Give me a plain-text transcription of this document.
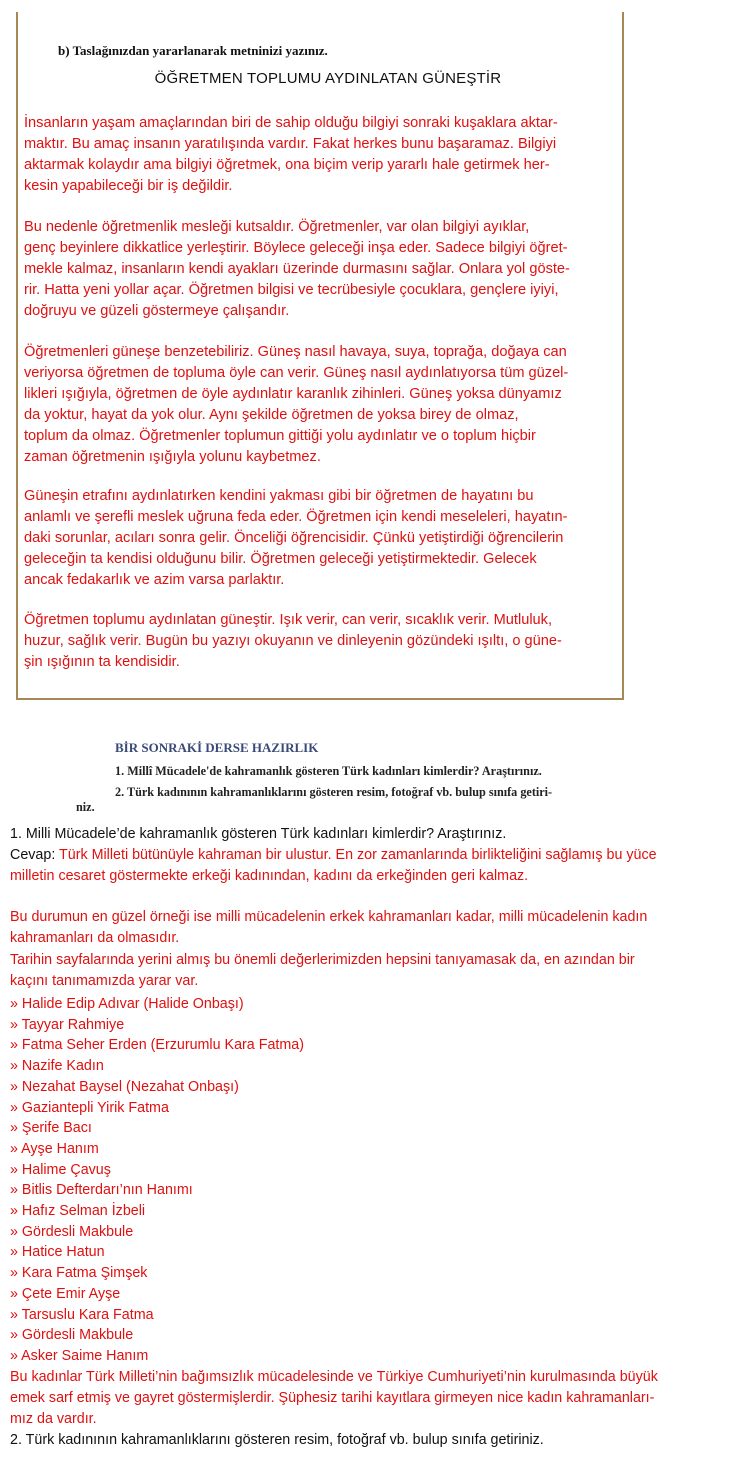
b) Taslağınızdan yararlanarak metninizi yazınız.
ÖĞRETMEN TOPLUMU AYDINLATAN GÜNEŞTİR

İnsanların yaşam amaçlarından biri de sahip olduğu bilgiyi sonraki kuşaklara aktar-
maktır. Bu amaç insanın yaratılışında vardır. Fakat herkes bunu başaramaz. Bilgiyi
aktarmak kolaydır ama bilgiyi öğretmek, ona biçim verip yararlı hale getirmek her-
kesin yapabileceği bir iş değildir.

Bu nedenle öğretmenlik mesleği kutsaldır. Öğretmenler, var olan bilgiyi ayıklar,
genç beyinlere dikkatlice yerleştirir. Böylece geleceği inşa eder. Sadece bilgiyi öğret-
mekle kalmaz, insanların kendi ayakları üzerinde durmasını sağlar. Onlara yol göste-
rir. Hatta yeni yollar açar. Öğretmen bilgisi ve tecrübesiyle çocuklara, gençlere iyiyi,
doğruyu ve güzeli göstermeye çalışandır.

Öğretmenleri güneşe benzetebiliriz. Güneş nasıl havaya, suya, toprağa, doğaya can
veriyorsa öğretmen de topluma öyle can verir. Güneş nasıl aydınlatıyorsa tüm güzel-
likleri ışığıyla, öğretmen de öyle aydınlatır karanlık zihinleri. Güneş yoksa dünyamız
da yoktur, hayat da yok olur. Aynı şekilde öğretmen de yoksa birey de olmaz,
toplum da olmaz. Öğretmenler toplumun gittiği yolu aydınlatır ve o toplum hiçbir
zaman öğretmenin ışığıyla yolunu kaybetmez.

Güneşin etrafını aydınlatırken kendini yakması gibi bir öğretmen de hayatını bu
anlamlı ve şerefli meslek uğruna feda eder. Öğretmen için kendi meseleleri, hayatın-
daki sorunlar, acıları sonra gelir. Önceliği öğrencisidir. Çünkü yetiştirdiği öğrencilerin
geleceğin ta kendisi olduğunu bilir. Öğretmen geleceği yetiştirmektedir. Gelecek
ancak fedakarlık ve azim varsa parlaktır.

Öğretmen toplumu aydınlatan güneştir. Işık verir, can verir, sıcaklık verir. Mutluluk,
huzur, sağlık verir. Bugün bu yazıyı okuyanın ve dinleyenin gözündeki ışıltı, o güne-
şin ışığının ta kendisidir.

BİR SONRAKİ DERSE HAZIRLIK
1. Millî Mücadele'de kahramanlık gösteren Türk kadınları kimlerdir? Araştırınız.
2. Türk kadınının kahramanlıklarını gösteren resim, fotoğraf vb. bulup sınıfa getiri-
niz.
1. Milli Mücadele’de kahramanlık gösteren Türk kadınları kimlerdir? Araştırınız.
Cevap: Türk Milleti bütünüyle kahraman bir ulustur. En zor zamanlarında birlikteliğini sağlamış bu yüce
milletin cesaret göstermekte erkeği kadınından, kadını da erkeğinden geri kalmaz.
Bu durumun en güzel örneği ise milli mücadelenin erkek kahramanları kadar, milli mücadelenin kadın
kahramanları da olmasıdır.
Tarihin sayfalarında yerini almış bu önemli değerlerimizden hepsini tanıyamasak da, en azından bir
kaçını tanımamızda yarar var.
» Halide Edip Adıvar (Halide Onbaşı)
» Tayyar Rahmiye
» Fatma Seher Erden (Erzurumlu Kara Fatma)
» Nazife Kadın
» Nezahat Baysel (Nezahat Onbaşı)
» Gaziantepli Yirik Fatma
» Şerife Bacı
» Ayşe Hanım
» Halime Çavuş
» Bitlis Defterdarı’nın Hanımı
» Hafız Selman İzbeli
» Gördesli Makbule
» Hatice Hatun
» Kara Fatma Şimşek
» Çete Emir Ayşe
» Tarsuslu Kara Fatma
» Gördesli Makbule
» Asker Saime Hanım
Bu kadınlar Türk Milleti’nin bağımsızlık mücadelesinde ve Türkiye Cumhuriyeti’nin kurulmasında büyük
emek sarf etmiş ve gayret göstermişlerdir. Şüphesiz tarihi kayıtlara girmeyen nice kadın kahramanları-
mız da vardır.
2. Türk kadınının kahramanlıklarını gösteren resim, fotoğraf vb. bulup sınıfa getiriniz.
